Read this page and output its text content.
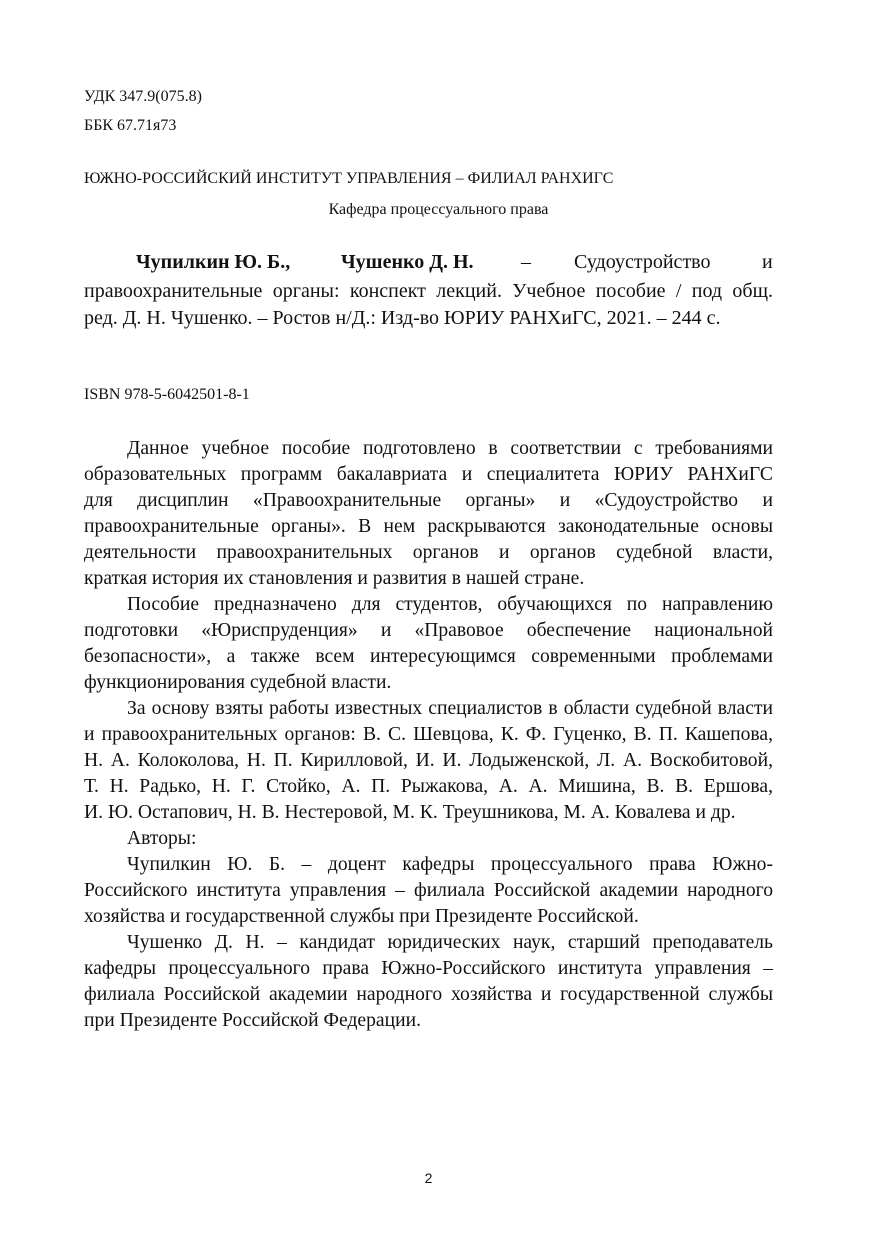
УДК 347.9(075.8)
ББК 67.71я73
ЮЖНО-РОССИЙСКИЙ ИНСТИТУТ УПРАВЛЕНИЯ – ФИЛИАЛ РАНХИГС
Кафедра процессуального права
Чупилкин Ю. Б.,	Чушенко Д. Н. – Судоустройство	и
правоохранительные органы: конспект лекций. Учебное пособие / под общ.
ред. Д. Н. Чушенко. – Ростов н/Д.: Изд-во ЮРИУ РАНХиГС, 2021. – 244 с.
ISBN 978-5-6042501-8-1
Данное учебное пособие подготовлено в соответствии с требованиями
образовательных программ бакалавриата и специалитета ЮРИУ РАНХиГС
для дисциплин «Правоохранительные органы» и «Судоустройство и
правоохранительные органы». В нем раскрываются законодательные основы
деятельности правоохранительных органов и органов судебной власти,
краткая история их становления и развития в нашей стране.
Пособие предназначено для студентов, обучающихся по направлению
подготовки «Юриспруденция» и «Правовое обеспечение национальной
безопасности», а также всем интересующимся современными проблемами
функционирования судебной власти.
За основу взяты работы известных специалистов в области судебной власти
и правоохранительных органов: В. С. Шевцова, К. Ф. Гуценко, В. П. Кашепова,
Н. А. Колоколова, Н. П. Кирилловой, И. И. Лодыженской, Л. А. Воскобитовой,
Т. Н. Радько, Н. Г. Стойко, А. П. Рыжакова, А. А. Мишина, В. В. Ершова,
И. Ю. Остапович, Н. В. Нестеровой, М. К. Треушникова, М. А. Ковалева и др.
Авторы:
Чупилкин Ю. Б. – доцент кафедры процессуального права Южно-
Российского института управления – филиала Российской академии народного
хозяйства и государственной службы при Президенте Российской.
Чушенко Д. Н. – кандидат юридических наук, старший преподаватель
кафедры процессуального права Южно-Российского института управления –
филиала Российской академии народного хозяйства и государственной службы
при Президенте Российской Федерации.
2
